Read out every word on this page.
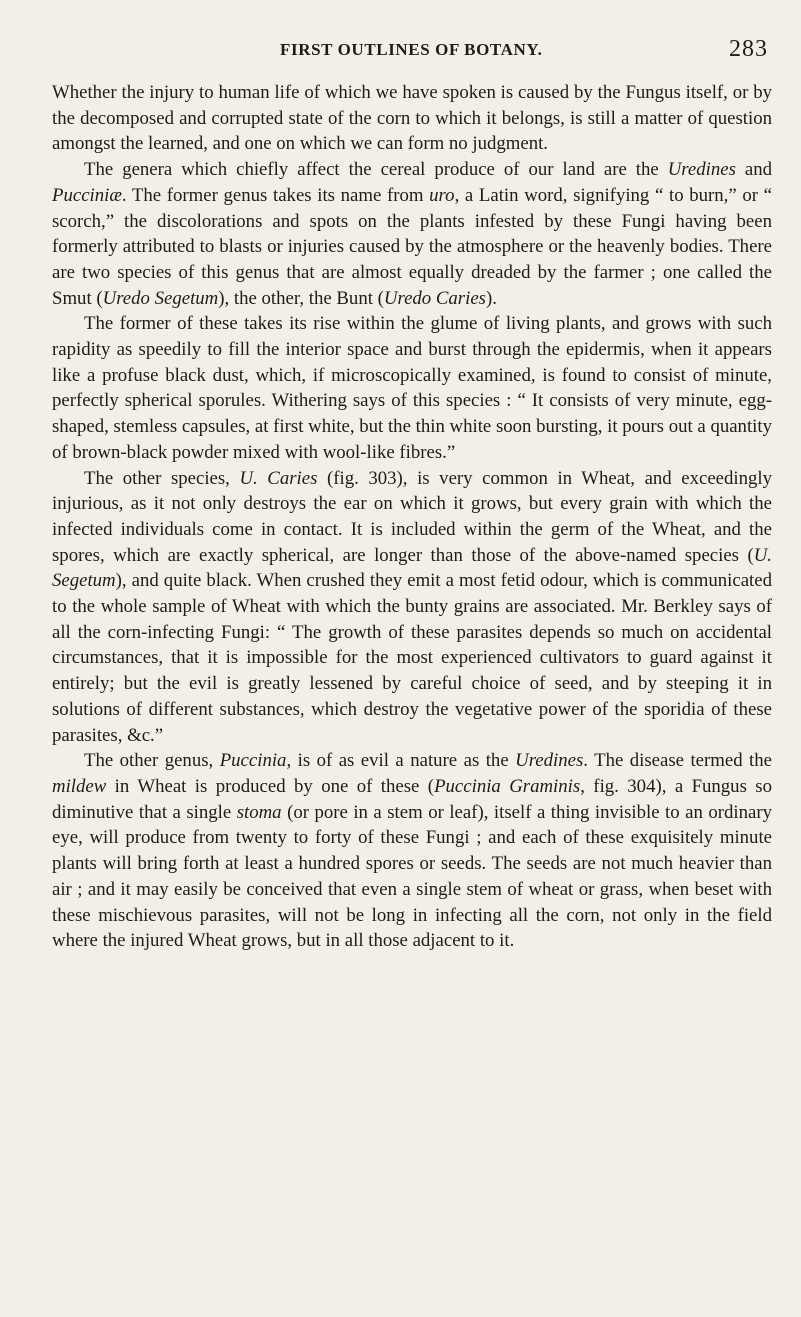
FIRST OUTLINES OF BOTANY.	283

Whether the injury to human life of which we have spoken is caused by the Fungus itself, or by the decomposed and corrupted state of the corn to which it belongs, is still a matter of question amongst the learned, and one on which we can form no judgment.

The genera which chiefly affect the cereal produce of our land are the Uredines and Pucciniæ. The former genus takes its name from uro, a Latin word, signifying “ to burn,” or “ scorch,” the discolorations and spots on the plants infested by these Fungi having been formerly attributed to blasts or injuries caused by the atmosphere or the heavenly bodies. There are two species of this genus that are almost equally dreaded by the farmer ; one called the Smut (Uredo Segetum), the other, the Bunt (Uredo Caries).

The former of these takes its rise within the glume of living plants, and grows with such rapidity as speedily to fill the interior space and burst through the epidermis, when it appears like a profuse black dust, which, if microscopically examined, is found to consist of minute, perfectly spherical sporules. Withering says of this species : “ It consists of very minute, egg-shaped, stemless capsules, at first white, but the thin white soon bursting, it pours out a quantity of brown-black powder mixed with wool-like fibres.”

The other species, U. Caries (fig. 303), is very common in Wheat, and exceedingly injurious, as it not only destroys the ear on which it grows, but every grain with which the infected individuals come in contact. It is included within the germ of the Wheat, and the spores, which are exactly spherical, are longer than those of the above-named species (U. Segetum), and quite black. When crushed they emit a most fetid odour, which is communicated to the whole sample of Wheat with which the bunty grains are associated. Mr. Berkley says of all the corn-infecting Fungi: “ The growth of these parasites depends so much on accidental circumstances, that it is impossible for the most experienced cultivators to guard against it entirely; but the evil is greatly lessened by careful choice of seed, and by steeping it in solutions of different substances, which destroy the vegetative power of the sporidia of these parasites, &c.”

The other genus, Puccinia, is of as evil a nature as the Uredines. The disease termed the mildew in Wheat is produced by one of these (Puccinia Graminis, fig. 304), a Fungus so diminutive that a single stoma (or pore in a stem or leaf), itself a thing invisible to an ordinary eye, will produce from twenty to forty of these Fungi ; and each of these exquisitely minute plants will bring forth at least a hundred spores or seeds. The seeds are not much heavier than air ; and it may easily be conceived that even a single stem of wheat or grass, when beset with these mischievous parasites, will not be long in infecting all the corn, not only in the field where the injured Wheat grows, but in all those adjacent to it.
